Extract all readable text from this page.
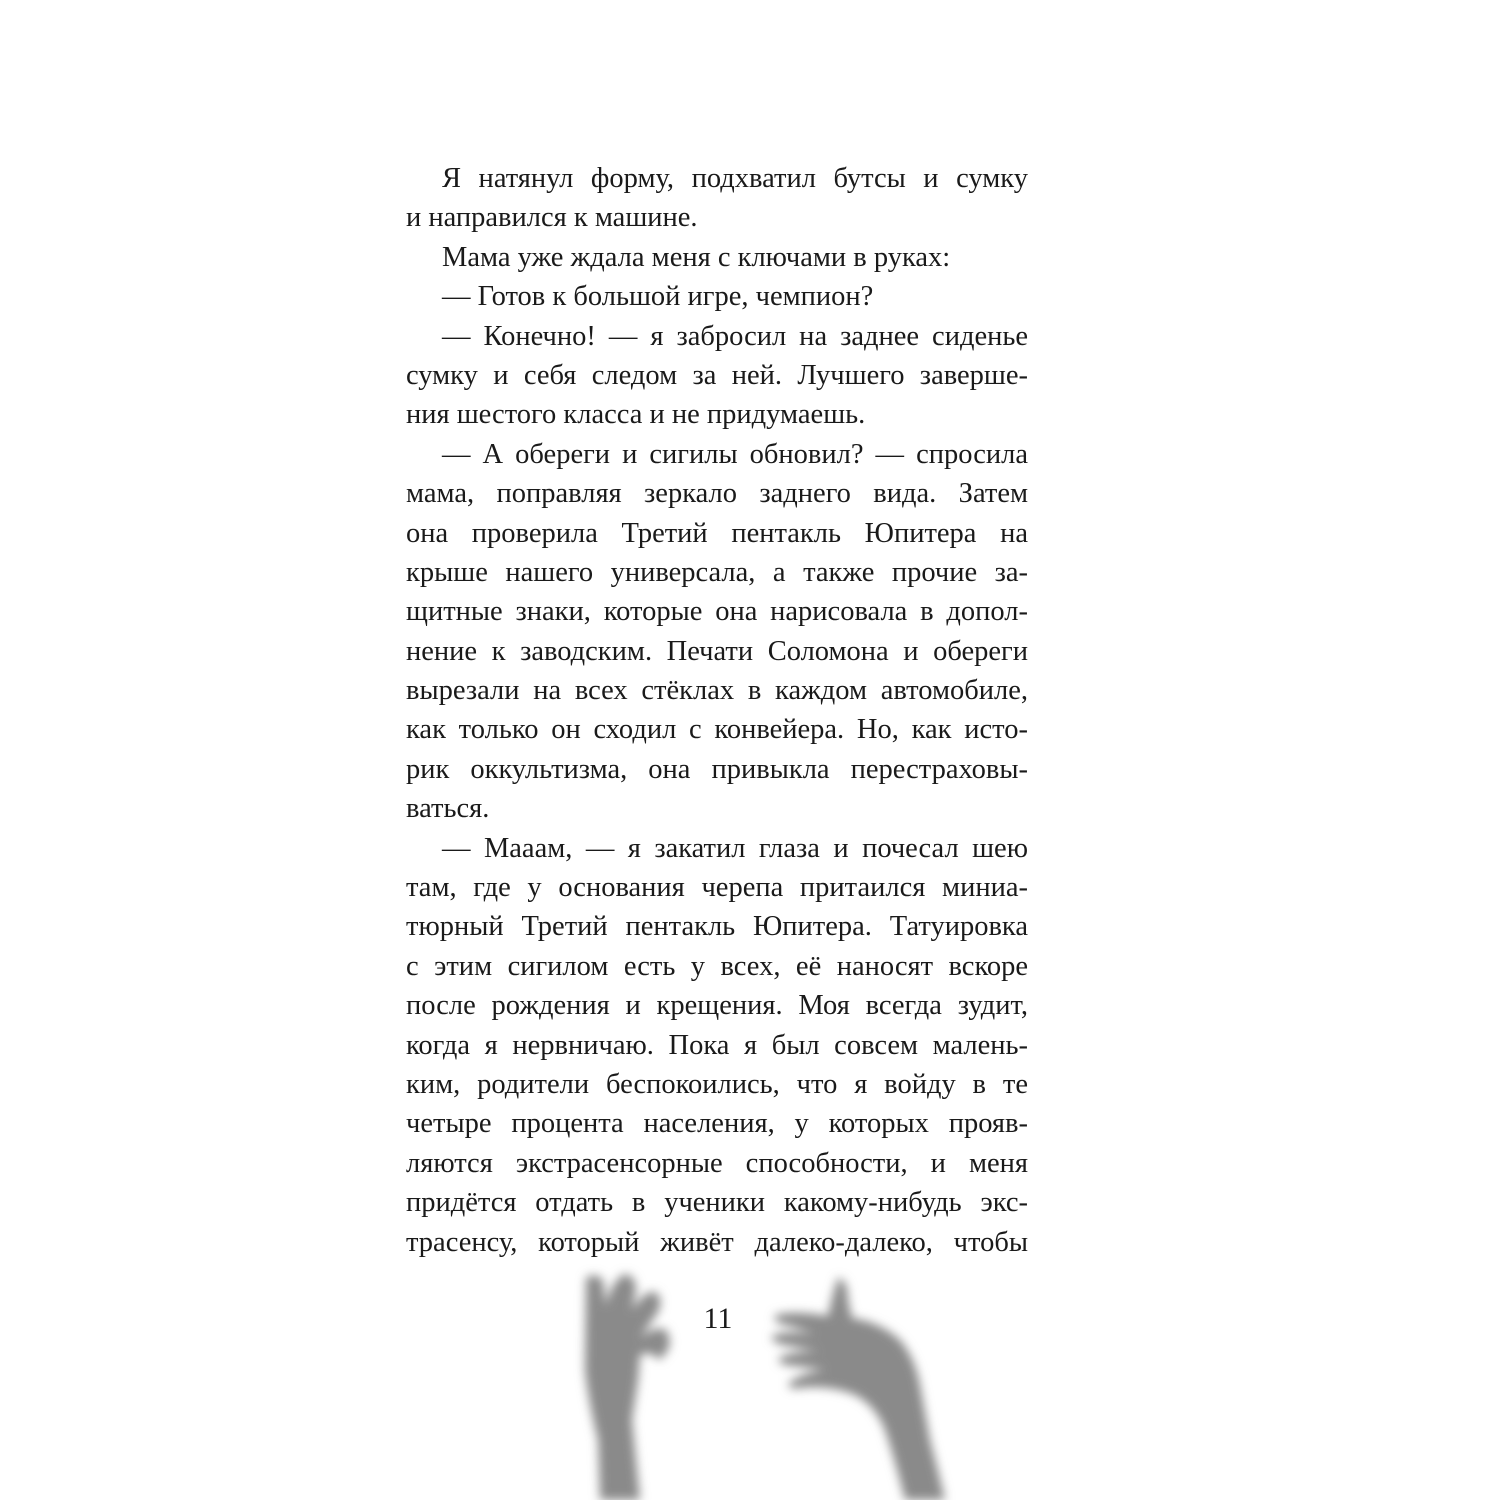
Я натянул форму, подхватил бутсы и сумку
и направился к машине.
Мама уже ждала меня с ключами в руках:
— Готов к большой игре, чемпион?
— Конечно! — я забросил на заднее сиденье
сумку и себя следом за ней. Лучшего заверше-
ния шестого класса и не придумаешь.
— А обереги и сигилы обновил? — спросила
мама, поправляя зеркало заднего вида. Затем
она проверила Третий пентакль Юпитера на
крыше нашего универсала, а также прочие за-
щитные знаки, которые она нарисовала в допол-
нение к заводским. Печати Соломона и обереги
вырезали на всех стёклах в каждом автомобиле,
как только он сходил с конвейера. Но, как исто-
рик оккультизма, она привыкла перестраховы-
ваться.
— Мааам, — я закатил глаза и почесал шею
там, где у основания черепа притаился миниа-
тюрный Третий пентакль Юпитера. Татуировка
с этим сигилом есть у всех, её наносят вскоре
после рождения и крещения. Моя всегда зудит,
когда я нервничаю. Пока я был совсем малень-
ким, родители беспокоились, что я войду в те
четыре процента населения, у которых прояв-
ляются экстрасенсорные способности, и меня
придётся отдать в ученики какому-нибудь экс-
трасенсу, который живёт далеко-далеко, чтобы
11
